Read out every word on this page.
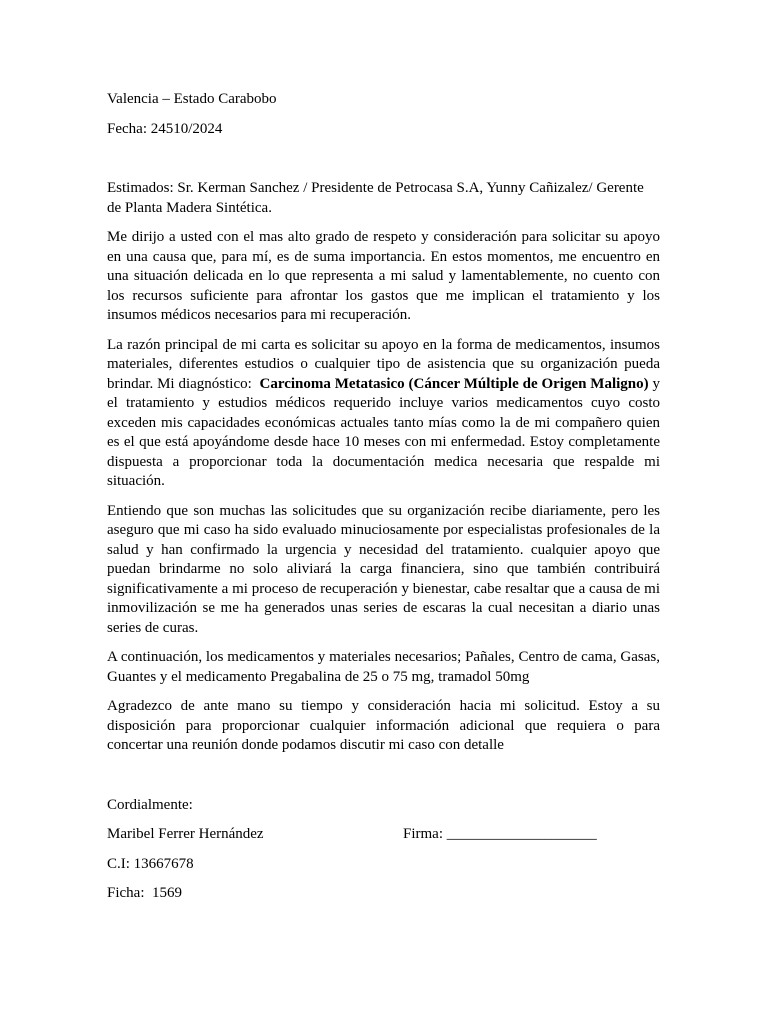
Valencia – Estado Carabobo

Fecha: 24510/2024

Estimados: Sr. Kerman Sanchez / Presidente de Petrocasa S.A, Yunny Cañizalez/ Gerente de Planta Madera Sintética.

Me dirijo a usted con el mas alto grado de respeto y consideración para solicitar su apoyo en una causa que, para mí, es de suma importancia. En estos momentos, me encuentro en una situación delicada en lo que representa a mi salud y lamentablemente, no cuento con los recursos suficiente para afrontar los gastos que me implican el tratamiento y los insumos médicos necesarios para mi recuperación.

La razón principal de mi carta es solicitar su apoyo en la forma de medicamentos, insumos materiales, diferentes estudios o cualquier tipo de asistencia que su organización pueda brindar. Mi diagnóstico:  Carcinoma Metatasico (Cáncer Múltiple de Origen Maligno) y el tratamiento y estudios médicos requerido incluye varios medicamentos cuyo costo exceden mis capacidades económicas actuales tanto mías como la de mi compañero quien es el que está apoyándome desde hace 10 meses con mi enfermedad. Estoy completamente dispuesta a proporcionar toda la documentación medica necesaria que respalde mi situación.

Entiendo que son muchas las solicitudes que su organización recibe diariamente, pero les aseguro que mi caso ha sido evaluado minuciosamente por especialistas profesionales de la salud y han confirmado la urgencia y necesidad del tratamiento. cualquier apoyo que puedan brindarme no solo aliviará la carga financiera, sino que también contribuirá significativamente a mi proceso de recuperación y bienestar, cabe resaltar que a causa de mi inmovilización se me ha generados unas series de escaras la cual necesitan a diario unas series de curas.

A continuación, los medicamentos y materiales necesarios; Pañales, Centro de cama, Gasas, Guantes y el medicamento Pregabalina de 25 o 75 mg, tramadol 50mg

Agradezco de ante mano su tiempo y consideración hacia mi solicitud. Estoy a su disposición para proporcionar cualquier información adicional que requiera o para concertar una reunión donde podamos discutir mi caso con detalle

Cordialmente:

Maribel Ferrer Hernández	Firma: ____________________

C.I: 13667678

Ficha:  1569
